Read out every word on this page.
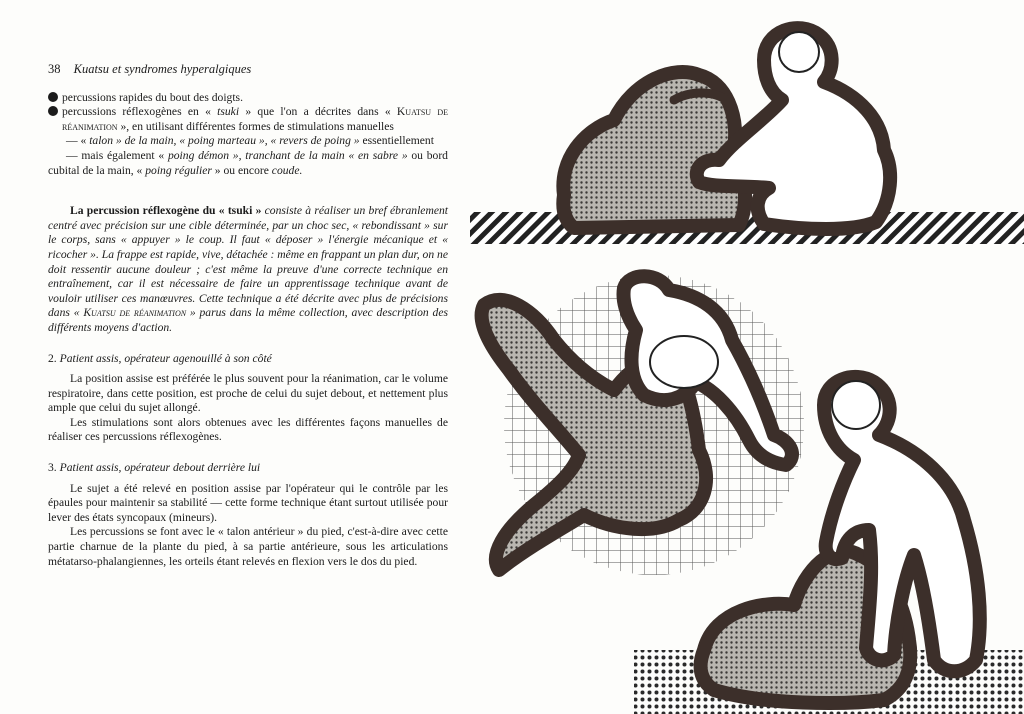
38 Kuatsu et syndromes hyperalgiques

percussions rapides du bout des doigts.

percussions réflexogènes en « tsuki » que l'on a décrites dans « Kuatsu de réanimation », en utilisant différentes formes de stimulations manuelles

— « talon » de la main, « poing marteau », « revers de poing » essentiellement

— mais également « poing démon », tranchant de la main « en sabre » ou bord cubital de la main, « poing régulier » ou encore coude.

La percussion réflexogène du « tsuki » consiste à réaliser un bref ébranlement centré avec précision sur une cible déterminée, par un choc sec, « rebondissant » sur le corps, sans « appuyer » le coup. Il faut « déposer » l'énergie mécanique et « ricocher ». La frappe est rapide, vive, détachée : même en frappant un plan dur, on ne doit ressentir aucune douleur ; c'est même la preuve d'une correcte technique en entraînement, car il est nécessaire de faire un apprentissage technique avant de vouloir utiliser ces manœuvres. Cette technique a été décrite avec plus de précisions dans « Kuatsu de réanimation » parus dans la même collection, avec description des différents moyens d'action.

2. Patient assis, opérateur agenouillé à son côté

La position assise est préférée le plus souvent pour la réanimation, car le volume respiratoire, dans cette position, est proche de celui du sujet debout, et nettement plus ample que celui du sujet allongé.

Les stimulations sont alors obtenues avec les différentes façons manuelles de réaliser ces percussions réflexogènes.

3. Patient assis, opérateur debout derrière lui

Le sujet a été relevé en position assise par l'opérateur qui le contrôle par les épaules pour maintenir sa stabilité — cette forme technique étant surtout utilisée pour lever des états syncopaux (mineurs).

Les percussions se font avec le « talon antérieur » du pied, c'est-à-dire avec cette partie charnue de la plante du pied, à sa partie antérieure, sous les articulations métatarso-phalangiennes, les orteils étant relevés en flexion vers le dos du pied.
